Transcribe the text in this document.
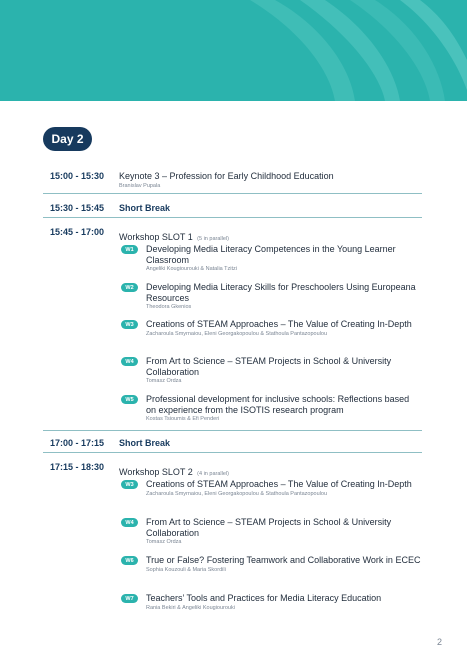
Day 2
15:00 - 15:30 Keynote 3 – Profession for Early Childhood Education
Branislav Pupala
15:30 - 15:45 Short Break
15:45 - 17:00 Workshop SLOT 1 (5 in parallel)
W1	Developing Media Literacy Competences in the Young Learner Classroom
Angeliki Kougiourouki & Natalia Tzitzi
W2	Developing Media Literacy Skills for Preschoolers Using Europeana Resources
Theodora Gkenios
W3	Creations of STEAM Approaches – The Value of Creating In-Depth
Zacharoula Smyrnaiou, Eleni Georgakopoulou & Stathoula Pantazopoulou
W4	From Art to Science – STEAM Projects in School & University Collaboration
Tomasz Ordza
W5	Professional development for inclusive schools: Reflections based on experience from the ISOTIS research program
Kostas Tsioumis & Efi Penderi
17:00 - 17:15 Short Break
17:15 - 18:30 Workshop SLOT 2 (4 in parallel)
W3	Creations of STEAM Approaches – The Value of Creating In-Depth
Zacharoula Smyrnaiou, Eleni Georgakopoulou & Stathoula Pantazopoulou
W4	From Art to Science – STEAM Projects in School & University Collaboration
Tomasz Ordza
W6	True or False? Fostering Teamwork and Collaborative Work in ECEC
Sophia Kouzouli & Maria Skordili
W7	Teachers’ Tools and Practices for Media Literacy Education
Rania Bekiri & Angeliki Kougiourouki
2
